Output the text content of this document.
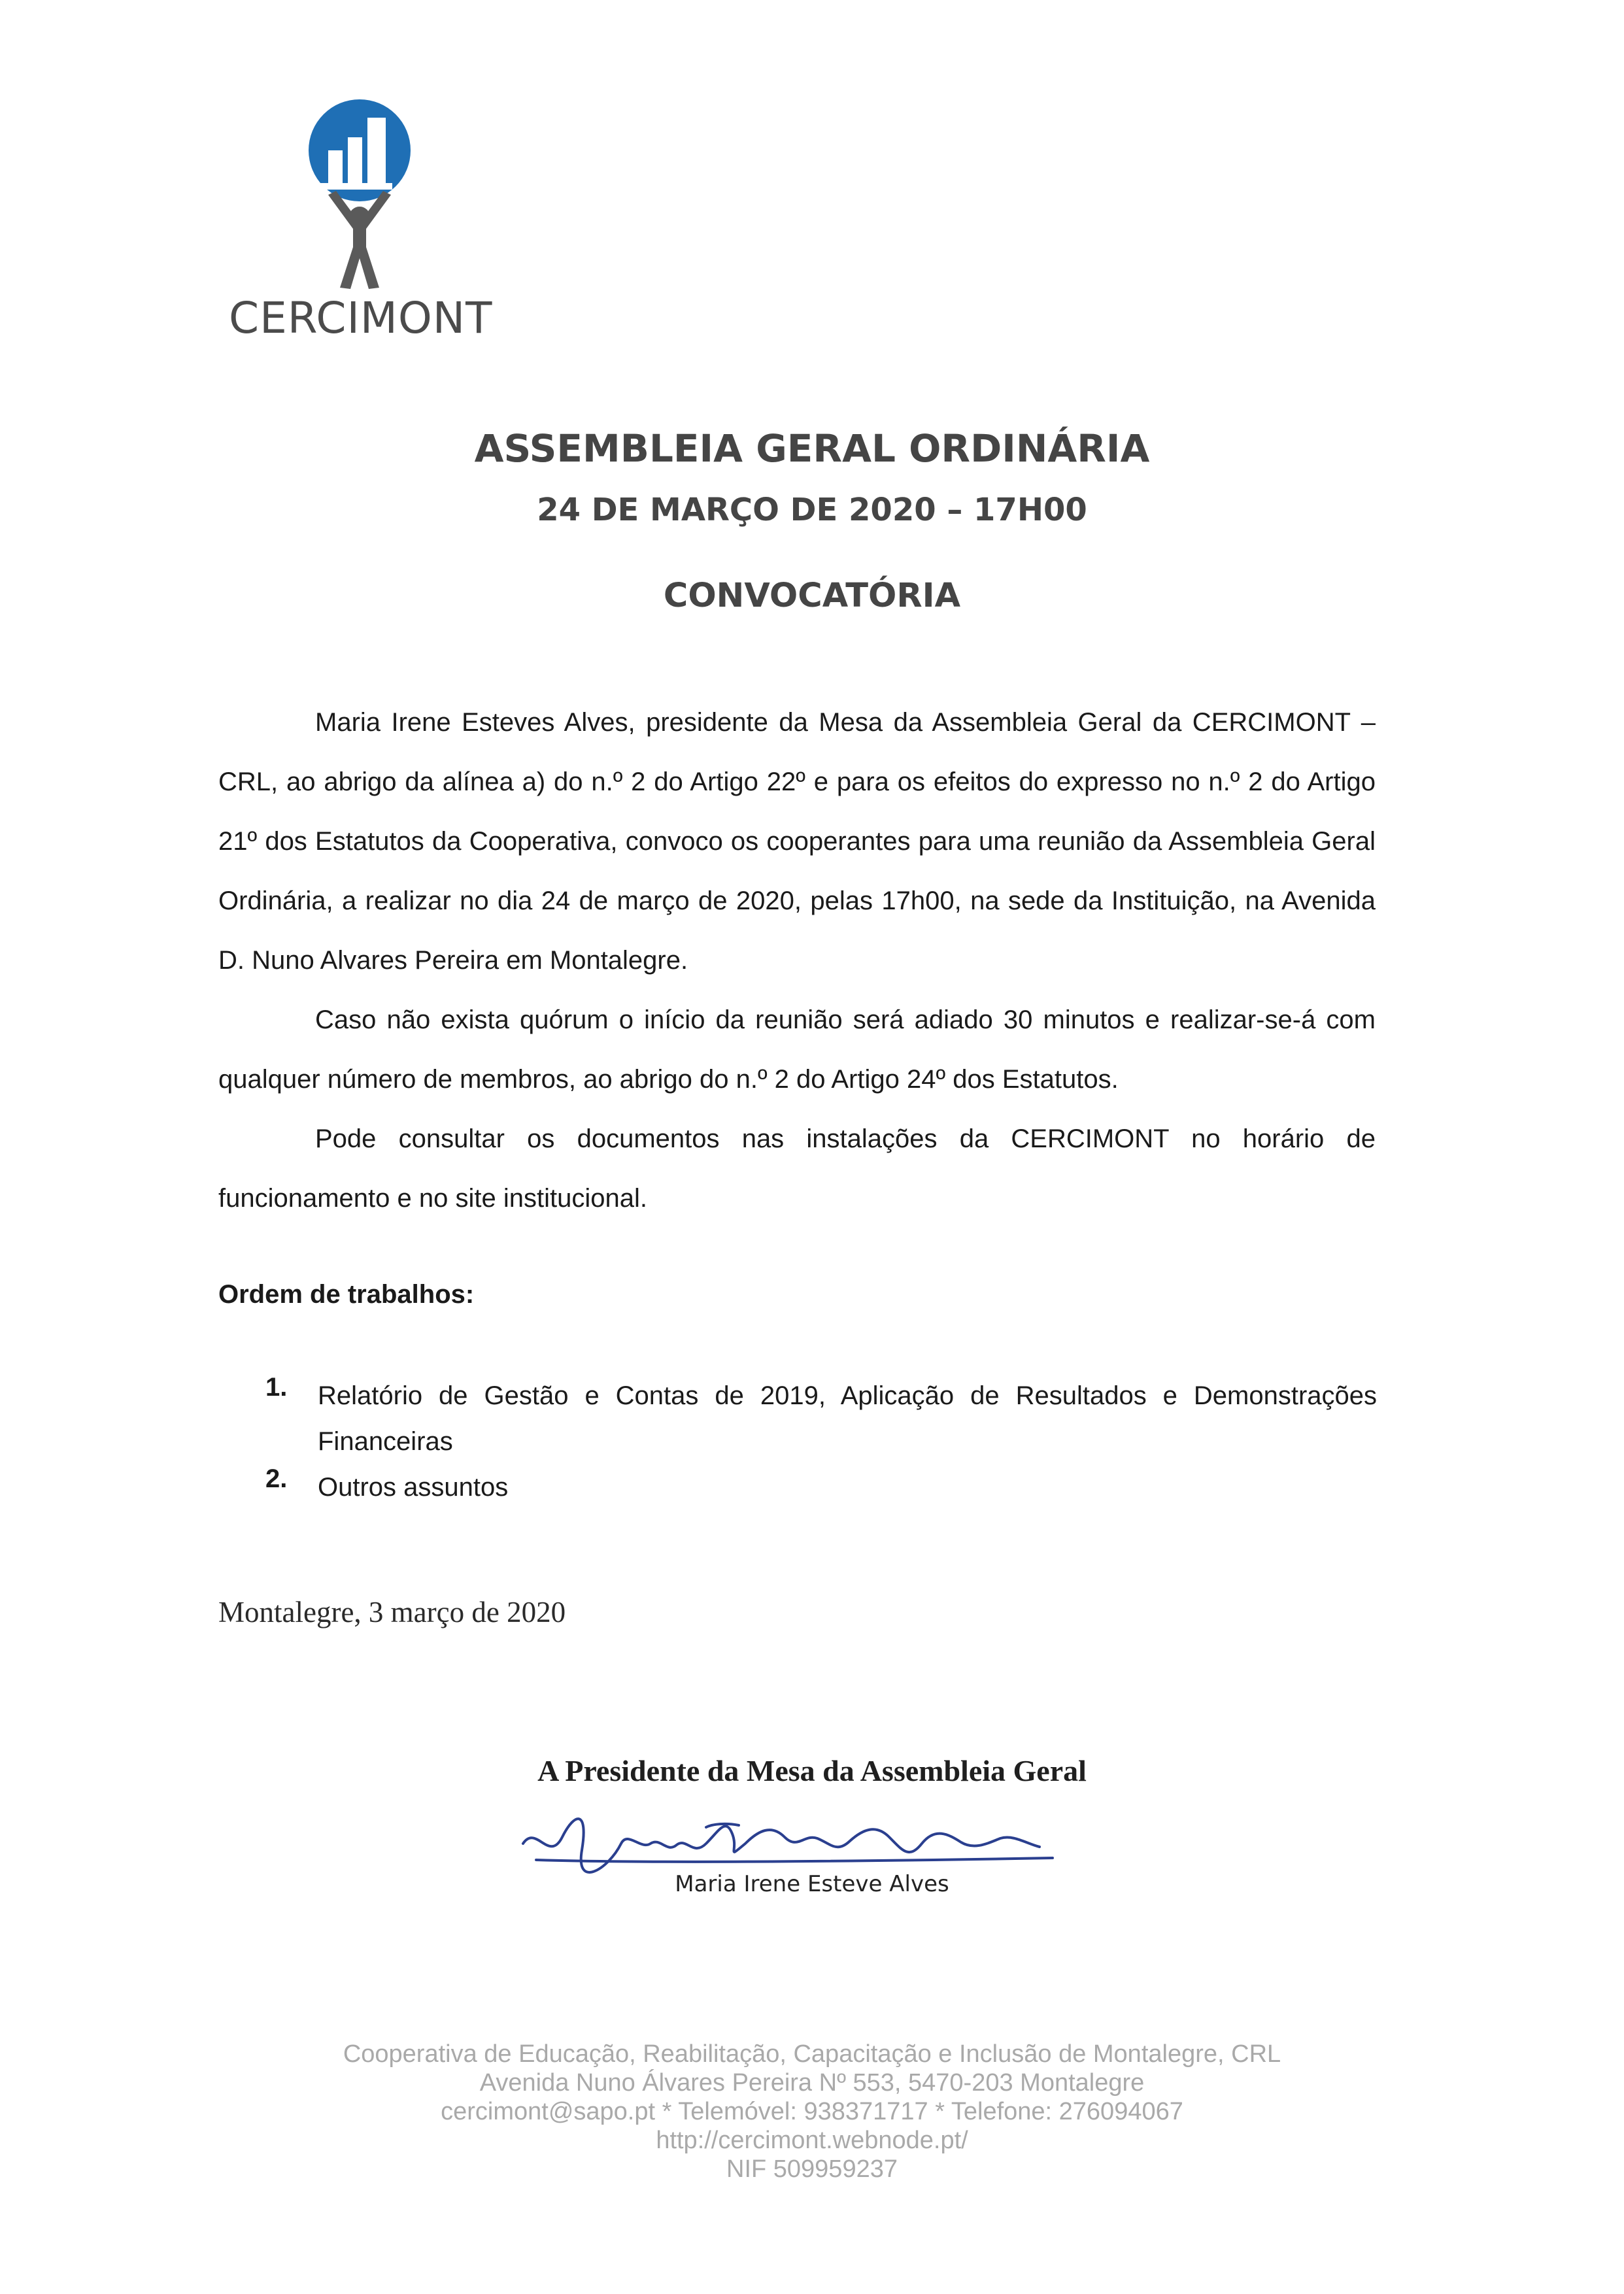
CERCIMONT
ASSEMBLEIA GERAL ORDINÁRIA
24 DE MARÇO DE 2020 – 17H00
CONVOCATÓRIA

Maria Irene Esteves Alves, presidente da Mesa da Assembleia Geral da CERCIMONT – CRL, ao abrigo da alínea a) do n.º 2 do Artigo 22º e para os efeitos do expresso no n.º 2 do Artigo 21º dos Estatutos da Cooperativa, convoco os cooperantes para uma reunião da Assembleia Geral Ordinária, a realizar no dia 24 de março de 2020, pelas 17h00, na sede da Instituição, na Avenida D. Nuno Alvares Pereira em Montalegre.

Caso não exista quórum o início da reunião será adiado 30 minutos e realizar-se-á com qualquer número de membros, ao abrigo do n.º 2 do Artigo 24º dos Estatutos.

Pode consultar os documentos nas instalações da CERCIMONT no horário de funcionamento e no site institucional.

Ordem de trabalhos:
1. Relatório de Gestão e Contas de 2019, Aplicação de Resultados e Demonstrações Financeiras
2. Outros assuntos
Montalegre, 3 março de 2020
A Presidente da Mesa da Assembleia Geral
Maria Irene Esteve Alves
Cooperativa de Educação, Reabilitação, Capacitação e Inclusão de Montalegre, CRL
Avenida Nuno Álvares Pereira Nº 553, 5470-203 Montalegre
cercimont@sapo.pt * Telemóvel: 938371717 * Telefone: 276094067
http://cercimont.webnode.pt/
NIF 509959237
